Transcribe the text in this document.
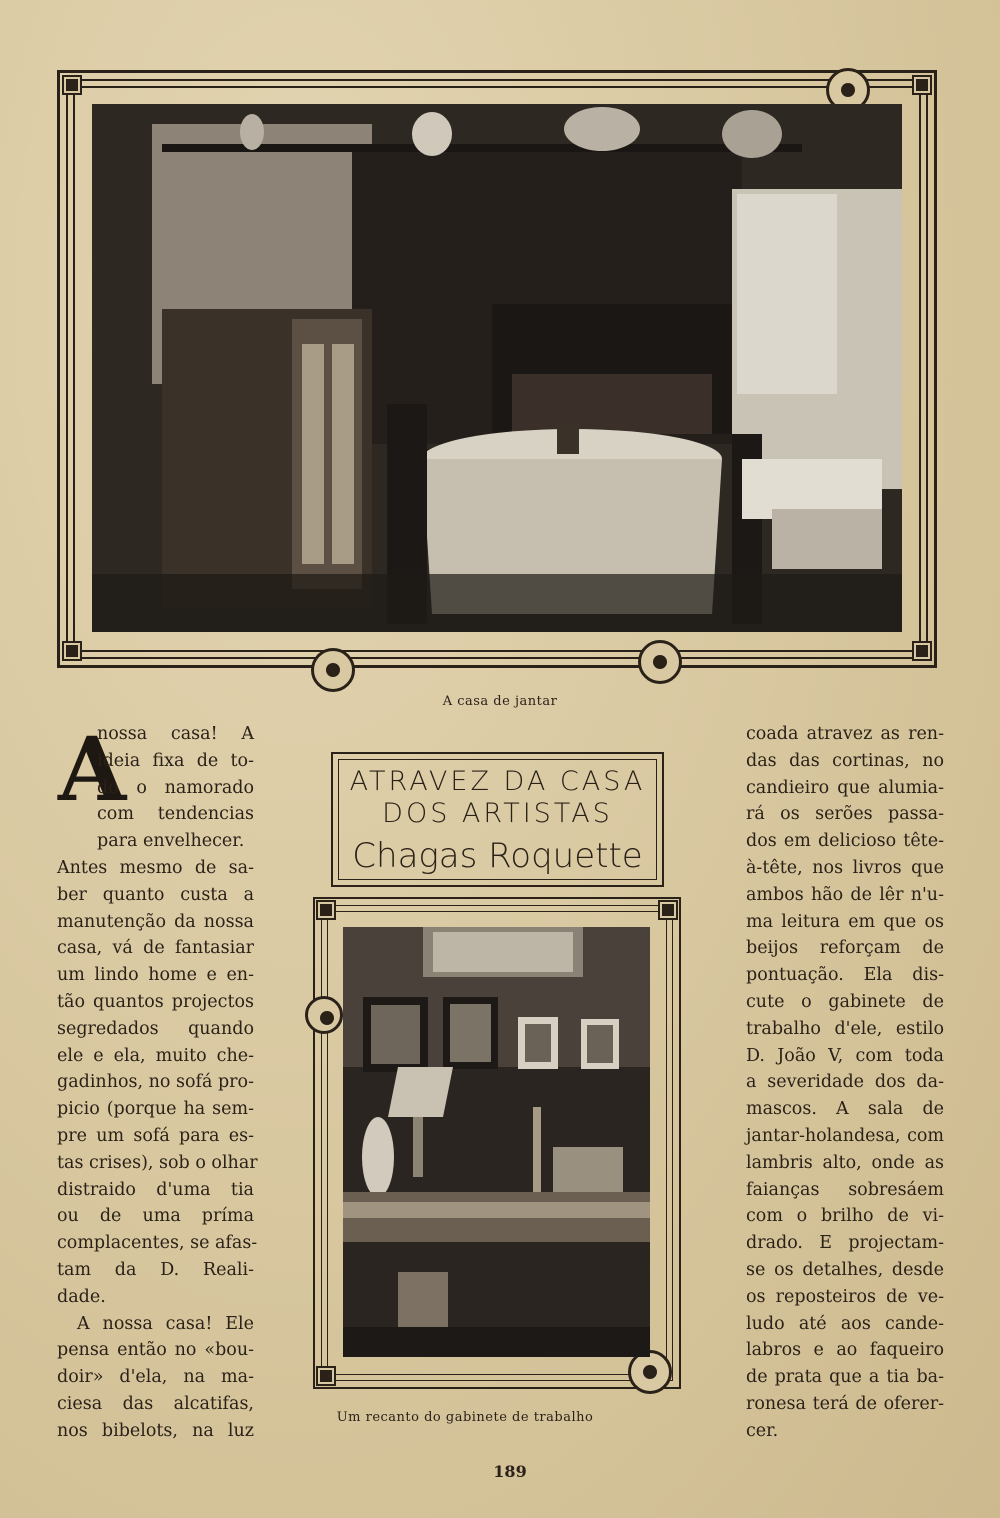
A casa de jantar
A
nossa casa! A
ideia fixa de to-
do o namorado
com tendencias
para envelhecer.
Antes mesmo de sa-
ber quanto custa a
manutenção da nossa
casa, vá de fantasiar
um lindo home e en-
tão quantos projectos
segredados quando
ele e ela, muito che-
gadinhos, no sofá pro-
picio (porque ha sem-
pre um sofá para es-
tas crises), sob o olhar
distraido d'uma tia
ou de uma príma
complacentes, se afas-
tam da D. Reali-
dade.
A nossa casa! Ele
pensa então no «bou-
doir» d'ela, na ma-
ciesa das alcatifas,
nos bibelots, na luz
ATRAVEZ DA CASA
DOS ARTISTAS
Chagas Roquette
Um recanto do gabinete de trabalho
coada atravez as ren-
das das cortinas, no
candieiro que alumia-
rá os serões passa-
dos em delicioso tête-
à-tête, nos livros que
ambos hão de lêr n'u-
ma leitura em que os
beijos reforçam de
pontuação. Ela dis-
cute o gabinete de
trabalho d'ele, estilo
D. João V, com toda
a severidade dos da-
mascos. A sala de
jantar-holandesa, com
lambris alto, onde as
faianças sobresáem
com o brilho de vi-
drado. E projectam-
se os detalhes, desde
os reposteiros de ve-
ludo até aos cande-
labros e ao faqueiro
de prata que a tia ba-
ronesa terá de oferer-
cer.
189
